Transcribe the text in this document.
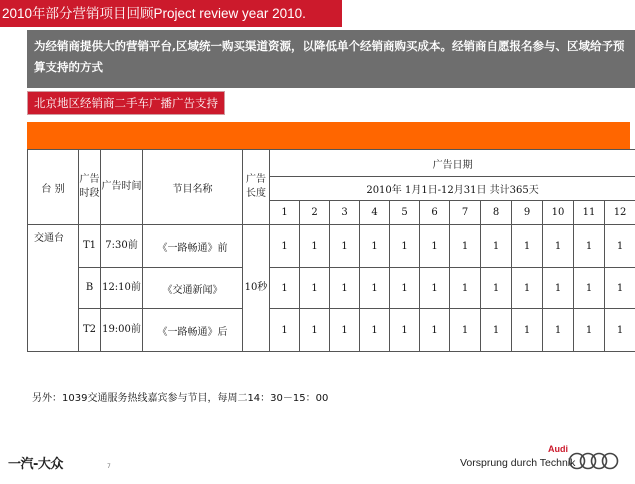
2010年部分营销项目回顾Project review year 2010.
为经销商提供大的营销平台,区域统一购买渠道资源，以降低单个经销商购买成本。经销商自愿报名参与、区域给予预算支持的方式
北京地区经销商二手车广播广告支持
台 别	广告时段	广告时间	节目名称	广告长度	广告日期											
					2010年 1月1日-12月31日 共计365天											
					1	2	3	4	5	6	7	8	9	10	11	12
交通台	T1	7:30前	《一路畅通》前	10秒	1	1	1	1	1	1	1	1	1	1	1	1
	B	12:10前	《交通新闻》		1	1	1	1	1	1	1	1	1	1	1	1
	T2	19:00前	《一路畅通》后		1	1	1	1	1	1	1	1	1	1	1	1
另外：1039交通服务热线嘉宾参与节目，每周二14：30－15：00
一汽-大众	7
Audi
Vorsprung durch Technik
